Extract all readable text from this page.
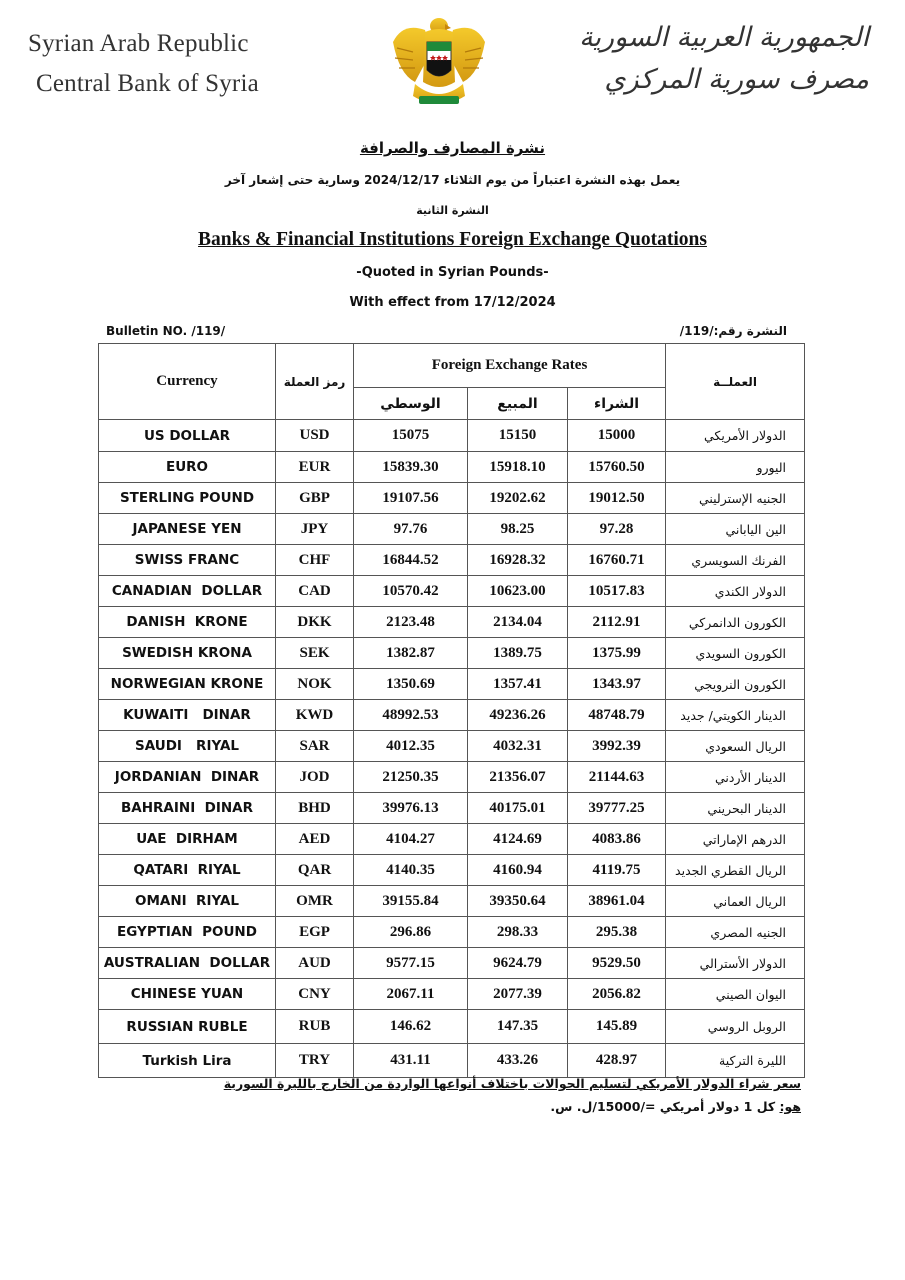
Syrian Arab Republic
Central Bank of Syria
الجمهورية العربية السورية
مصرف سورية المركزي
نشرة المصارف والصرافة
يعمل بهذه النشرة اعتباراً من يوم الثلاثاء 2024/12/17 وسارية حتى إشعار آخر
النشرة الثانية
Banks & Financial Institutions Foreign Exchange Quotations
-Quoted in Syrian Pounds-
With effect from 17/12/2024
Bulletin NO. /119/	النشرة رقم:/119/
Currency	رمز العملة	Foreign Exchange Rates			العملــة
		الوسطي	المبيع	الشراء	
US DOLLAR	USD	15075	15150	15000	الدولار الأمريكي
EURO	EUR	15839.30	15918.10	15760.50	اليورو
STERLING POUND	GBP	19107.56	19202.62	19012.50	الجنيه الإسترليني
JAPANESE YEN	JPY	97.76	98.25	97.28	الين الياباني
SWISS FRANC	CHF	16844.52	16928.32	16760.71	الفرنك السويسري
CANADIAN  DOLLAR	CAD	10570.42	10623.00	10517.83	الدولار الكندي
DANISH  KRONE	DKK	2123.48	2134.04	2112.91	الكورون الدانمركي
SWEDISH KRONA	SEK	1382.87	1389.75	1375.99	الكورون السويدي
NORWEGIAN KRONE	NOK	1350.69	1357.41	1343.97	الكورون النرويجي
KUWAITI   DINAR	KWD	48992.53	49236.26	48748.79	الدينار الكويتي/ جديد
SAUDI   RIYAL	SAR	4012.35	4032.31	3992.39	الريال السعودي
JORDANIAN  DINAR	JOD	21250.35	21356.07	21144.63	الدينار الأردني
BAHRAINI  DINAR	BHD	39976.13	40175.01	39777.25	الدينار البحريني
UAE  DIRHAM	AED	4104.27	4124.69	4083.86	الدرهم الإماراتي
QATARI  RIYAL	QAR	4140.35	4160.94	4119.75	الريال القطري الجديد
OMANI  RIYAL	OMR	39155.84	39350.64	38961.04	الريال العماني
EGYPTIAN  POUND	EGP	296.86	298.33	295.38	الجنيه المصري
AUSTRALIAN  DOLLAR	AUD	9577.15	9624.79	9529.50	الدولار الأسترالي
CHINESE YUAN	CNY	2067.11	2077.39	2056.82	اليوان الصيني
RUSSIAN RUBLE	RUB	146.62	147.35	145.89	الروبل الروسي
Turkish Lira	TRY	431.11	433.26	428.97	الليرة التركية
سعر شراء الدولار الأمريكي لتسليم الحوالات باختلاف أنواعها الواردة من الخارج بالليرة السورية
هو: كل 1 دولار أمريكي =/15000/ل. س.
